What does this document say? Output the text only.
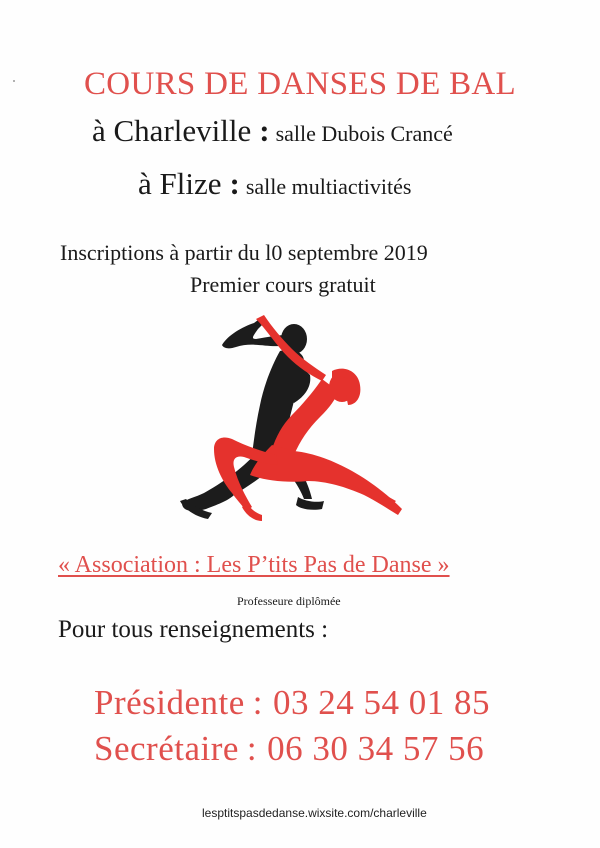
COURS DE DANSES DE BAL
à Charleville : salle Dubois Crancé
à Flize : salle multiactivités
Inscriptions à partir du l0 septembre 2019
Premier cours gratuit
« Association : Les P’tits Pas de Danse »
Professeure diplômée
Pour tous renseignements :
Présidente : 03 24 54 01 85
Secrétaire : 06 30 34 57 56
lesptitspasdedanse.wixsite.com/charleville
